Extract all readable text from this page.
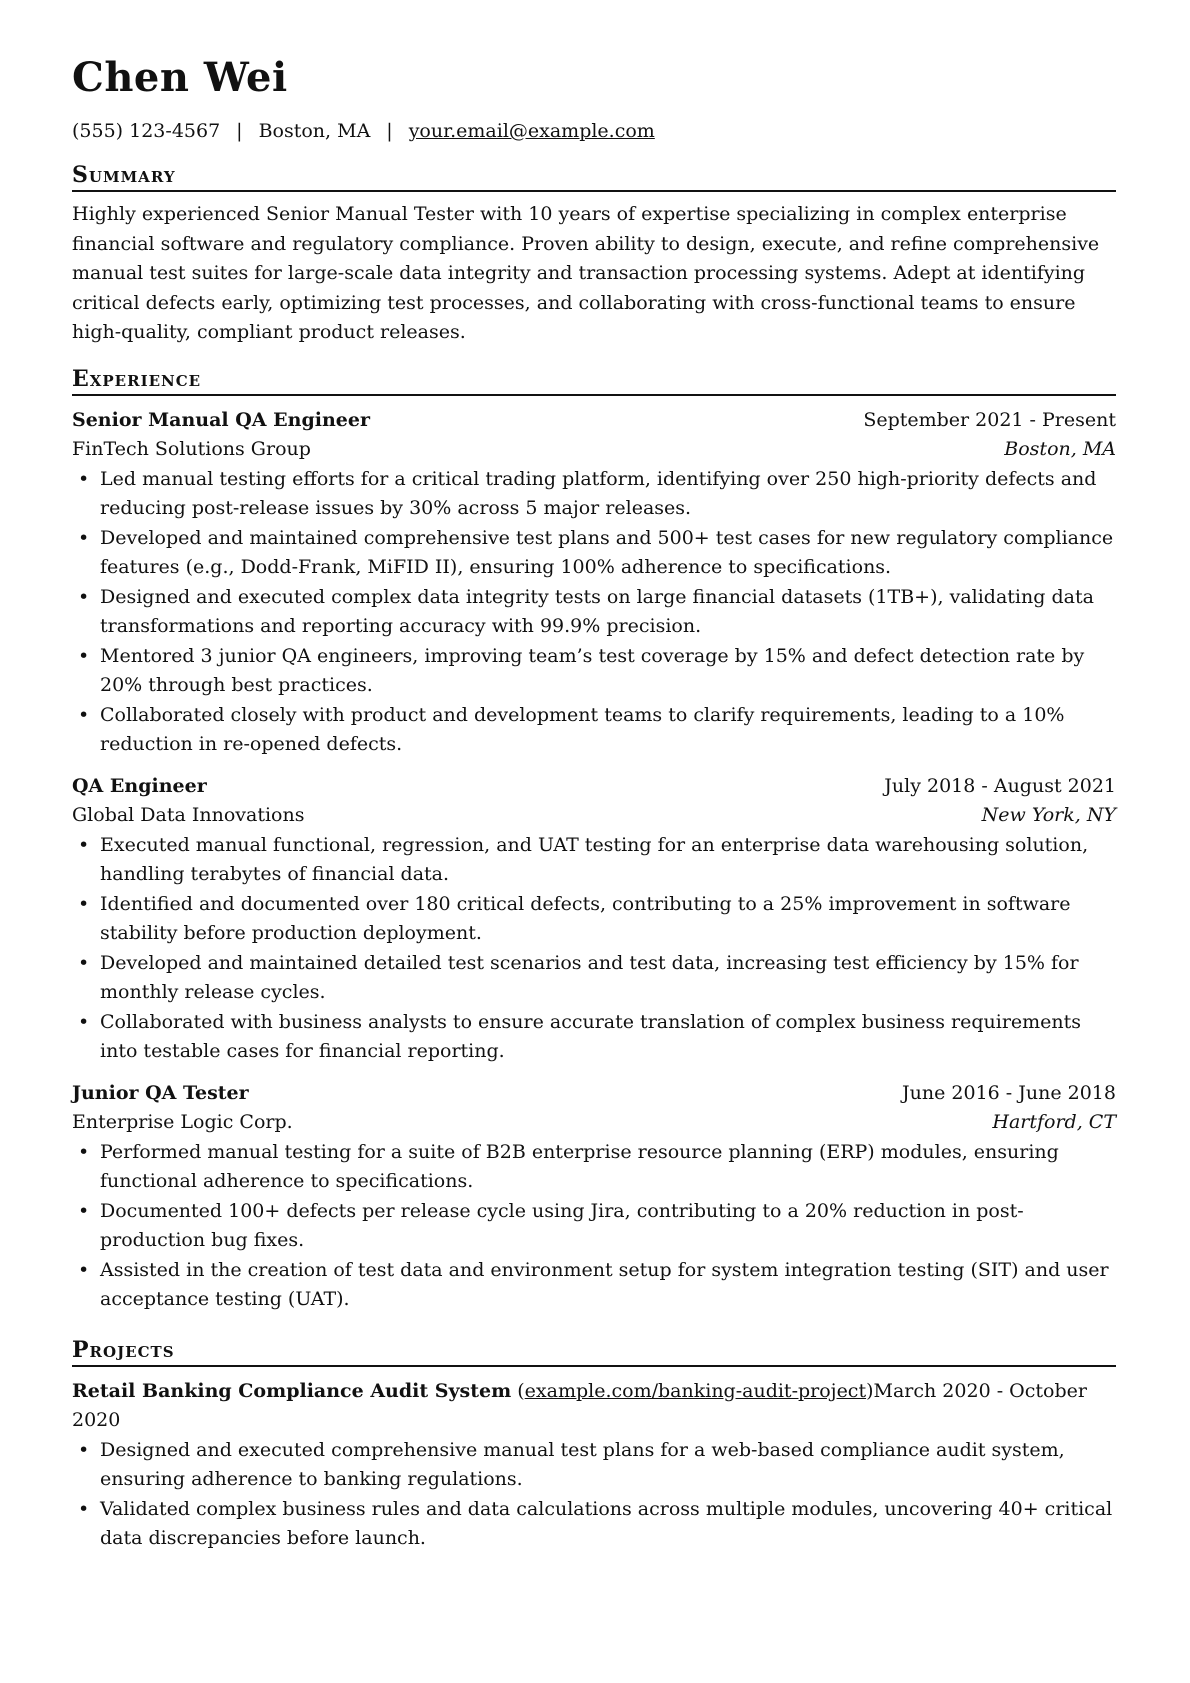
Chen Wei
(555) 123-4567 | Boston, MA | your.email@example.com
Summary
Highly experienced Senior Manual Tester with 10 years of expertise specializing in complex enterprise financial software and regulatory compliance. Proven ability to design, execute, and refine comprehensive manual test suites for large-scale data integrity and transaction processing systems. Adept at identifying critical defects early, optimizing test processes, and collaborating with cross-functional teams to ensure high-quality, compliant product releases.
Experience
Senior Manual QA Engineer	September 2021 - Present
FinTech Solutions Group	Boston, MA
• Led manual testing efforts for a critical trading platform, identifying over 250 high-priority defects and reducing post-release issues by 30% across 5 major releases.
• Developed and maintained comprehensive test plans and 500+ test cases for new regulatory compliance features (e.g., Dodd-Frank, MiFID II), ensuring 100% adherence to specifications.
• Designed and executed complex data integrity tests on large financial datasets (1TB+), validating data transformations and reporting accuracy with 99.9% precision.
• Mentored 3 junior QA engineers, improving team’s test coverage by 15% and defect detection rate by 20% through best practices.
• Collaborated closely with product and development teams to clarify requirements, leading to a 10% reduction in re-opened defects.
QA Engineer	July 2018 - August 2021
Global Data Innovations	New York, NY
• Executed manual functional, regression, and UAT testing for an enterprise data warehousing solution, handling terabytes of financial data.
• Identified and documented over 180 critical defects, contributing to a 25% improvement in software stability before production deployment.
• Developed and maintained detailed test scenarios and test data, increasing test efficiency by 15% for monthly release cycles.
• Collaborated with business analysts to ensure accurate translation of complex business requirements into testable cases for financial reporting.
Junior QA Tester	June 2016 - June 2018
Enterprise Logic Corp.	Hartford, CT
• Performed manual testing for a suite of B2B enterprise resource planning (ERP) modules, ensuring functional adherence to specifications.
• Documented 100+ defects per release cycle using Jira, contributing to a 20% reduction in post-production bug fixes.
• Assisted in the creation of test data and environment setup for system integration testing (SIT) and user acceptance testing (UAT).
Projects
Retail Banking Compliance Audit System (example.com/banking-audit-project)March 2020 - October 2020
• Designed and executed comprehensive manual test plans for a web-based compliance audit system, ensuring adherence to banking regulations.
• Validated complex business rules and data calculations across multiple modules, uncovering 40+ critical data discrepancies before launch.
